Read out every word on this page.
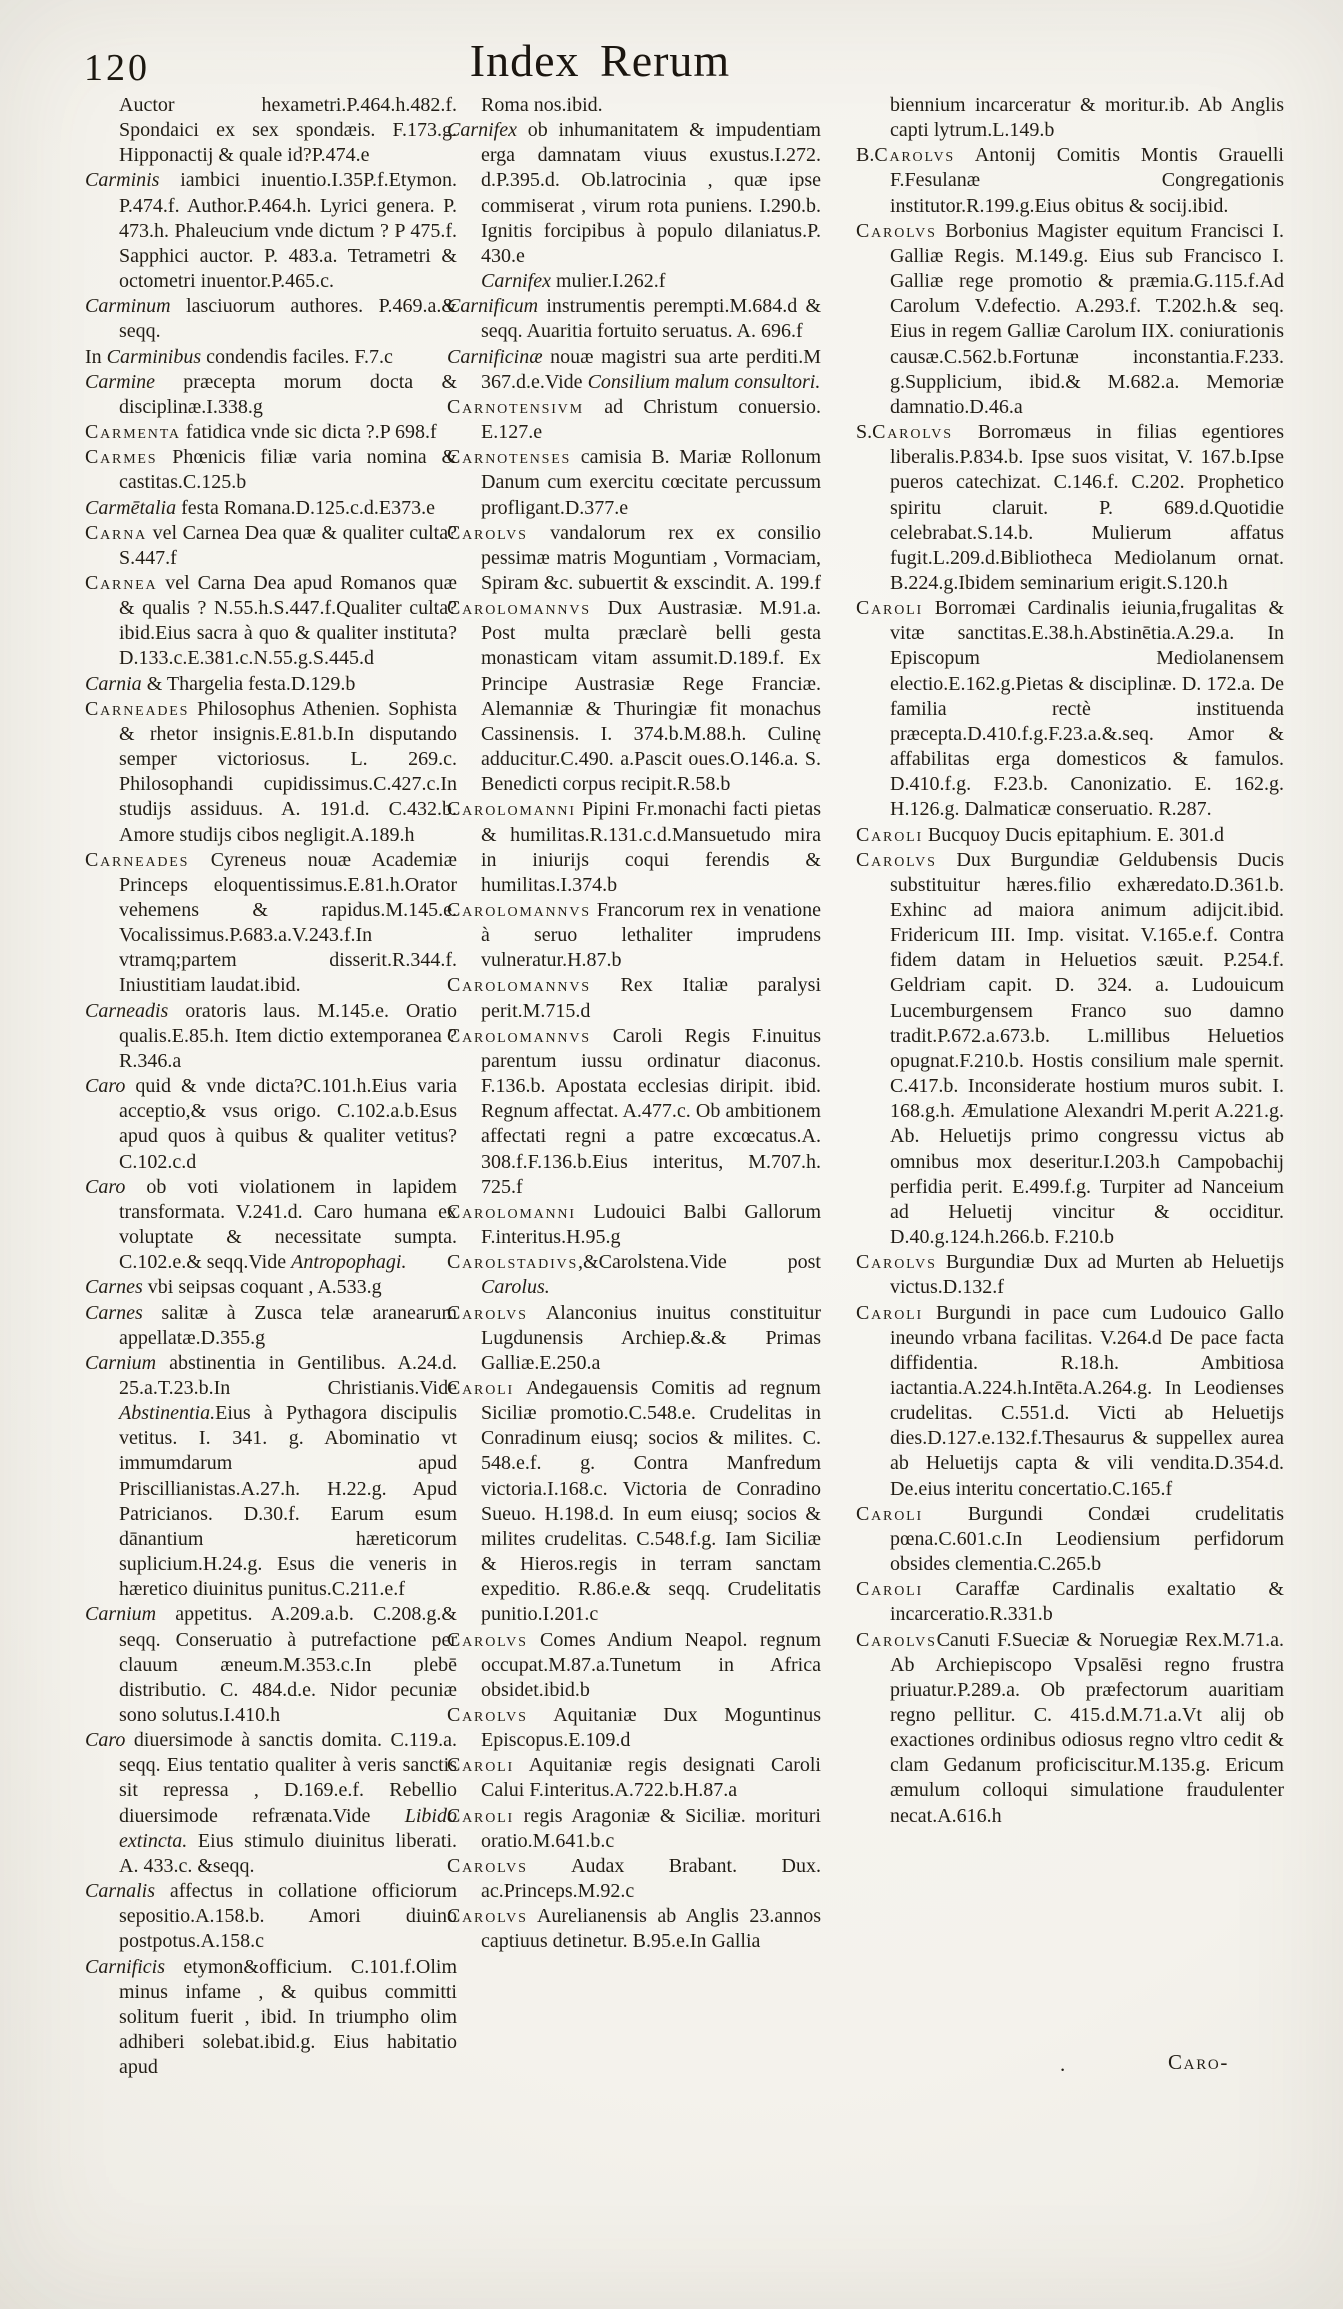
120	Index Rerum

Auctor hexametri.P.464.h.482.f. Spondaici ex sex spondæis. F.173.g. Hipponactij & quale id?P.474.e

Carminis iambici inuentio.I.35P.f.Etymon. P.474.f. Author.P.464.h. Lyrici genera. P. 473.h. Phaleucium vnde dictum ? P 475.f. Sapphici auctor. P. 483.a. Tetrametri & octometri inuentor.P.465.c.

Carminum lasciuorum authores. P.469.a.& seqq.

In Carminibus condendis faciles. F.7.c

Carmine præcepta morum docta & disciplinæ.I.338.g

Carmenta fatidica vnde sic dicta ?.P 698.f

Carmes Phœnicis filiæ varia nomina & castitas.C.125.b

Carmētalia festa Romana.D.125.c.d.E373.e

Carna vel Carnea Dea quæ & qualiter culta?S.447.f

Carnea vel Carna Dea apud Romanos quæ & qualis ? N.55.h.S.447.f.Qualiter culta?ibid.Eius sacra à quo & qualiter instituta?D.133.c.E.381.c.N.55.g.S.445.d

Carnia & Thargelia festa.D.129.b

Carneades Philosophus Athenien. Sophista & rhetor insignis.E.81.b.In disputando semper victoriosus. L. 269.c. Philosophandi cupidissimus.C.427.c.In studijs assiduus. A. 191.d. C.432.b. Amore studijs cibos negligit.A.189.h

Carneades Cyreneus nouæ Academiæ Princeps eloquentissimus.E.81.h.Orator vehemens & rapidus.M.145.e. Vocalissimus.P.683.a.V.243.f.In vtramq;partem disserit.R.344.f. Iniustitiam laudat.ibid.

Carneadis oratoris laus. M.145.e. Oratio qualis.E.85.h. Item dictio extemporanea ? R.346.a

Caro quid & vnde dicta?C.101.h.Eius varia acceptio,& vsus origo. C.102.a.b.Esus apud quos à quibus & qualiter vetitus? C.102.c.d

Caro ob voti violationem in lapidem transformata. V.241.d. Caro humana ex voluptate & necessitate sumpta. C.102.e.& seqq.Vide Antropophagi.

Carnes vbi seipsas coquant , A.533.g

Carnes salitæ à Zusca telæ aranearum appellatæ.D.355.g

Carnium abstinentia in Gentilibus. A.24.d. 25.a.T.23.b.In Christianis.Vide Abstinentia.Eius à Pythagora discipulis vetitus. I. 341. g. Abominatio vt immumdarum apud Priscillianistas.A.27.h. H.22.g. Apud Patricianos. D.30.f. Earum esum dānantium hæreticorum suplicium.H.24.g. Esus die veneris in hæretico diuinitus punitus.C.211.e.f

Carnium appetitus. A.209.a.b. C.208.g.& seqq. Conseruatio à putrefactione per clauum æneum.M.353.c.In plebē distributio. C. 484.d.e. Nidor pecuniæ sono solutus.I.410.h

Caro diuersimode à sanctis domita. C.119.a. seqq. Eius tentatio qualiter à veris sanctis sit repressa , D.169.e.f. Rebellio diuersimode refrænata.Vide Libido extincta. Eius stimulo diuinitus liberati. A. 433.c. &seqq.

Carnalis affectus in collatione officiorum sepositio.A.158.b. Amori diuino postpotus.A.158.c

Carnificis etymon&officium. C.101.f.Olim minus infame , & quibus committi solitum fuerit , ibid. In triumpho olim adhiberi solebat.ibid.g. Eius habitatio apud

Roma nos.ibid.

Carnifex ob inhumanitatem & impudentiam erga damnatam viuus exustus.I.272. d.P.395.d. Ob.latrocinia , quæ ipse commiserat , virum rota puniens. I.290.b. Ignitis forcipibus à populo dilaniatus.P. 430.e

Carnifex mulier.I.262.f

Carnificum instrumentis perempti.M.684.d & seqq. Auaritia fortuito seruatus. A. 696.f

Carnificinæ nouæ magistri sua arte perditi.M 367.d.e.Vide Consilium malum consultori.

Carnotensivm ad Christum conuersio. E.127.e

Carnotenses camisia B. Mariæ Rollonum Danum cum exercitu cœcitate percussum profligant.D.377.e

Carolvs vandalorum rex ex consilio pessimæ matris Moguntiam , Vormaciam, Spiram &c. subuertit & exscindit. A. 199.f

Carolomannvs Dux Austrasiæ. M.91.a. Post multa præclarè belli gesta monasticam vitam assumit.D.189.f. Ex Principe Austrasiæ Rege Franciæ. Alemanniæ & Thuringiæ fit monachus Cassinensis. I. 374.b.M.88.h. Culinę adducitur.C.490. a.Pascit oues.O.146.a. S. Benedicti corpus recipit.R.58.b

Carolomanni Pipini Fr.monachi facti pietas & humilitas.R.131.c.d.Mansuetudo mira in iniurijs coqui ferendis & humilitas.I.374.b

Carolomannvs Francorum rex in venatione à seruo lethaliter imprudens vulneratur.H.87.b

Carolomannvs Rex Italiæ paralysi perit.M.715.d

Carolomannvs Caroli Regis F.inuitus parentum iussu ordinatur diaconus. F.136.b. Apostata ecclesias diripit. ibid. Regnum affectat. A.477.c. Ob ambitionem affectati regni a patre excœcatus.A. 308.f.F.136.b.Eius interitus, M.707.h. 725.f

Carolomanni Ludouici Balbi Gallorum F.interitus.H.95.g

Carolstadivs,&Carolstena.Vide post Carolus.

Carolvs Alanconius inuitus constituitur Lugdunensis Archiep.&.& Primas Galliæ.E.250.a

Caroli Andegauensis Comitis ad regnum Siciliæ promotio.C.548.e. Crudelitas in Conradinum eiusq; socios & milites. C. 548.e.f. g. Contra Manfredum victoria.I.168.c. Victoria de Conradino Sueuo. H.198.d. In eum eiusq; socios & milites crudelitas. C.548.f.g. Iam Siciliæ & Hieros.regis in terram sanctam expeditio. R.86.e.& seqq. Crudelitatis punitio.I.201.c

Carolvs Comes Andium Neapol. regnum occupat.M.87.a.Tunetum in Africa obsidet.ibid.b

Carolvs Aquitaniæ Dux Moguntinus Episcopus.E.109.d

Caroli Aquitaniæ regis designati Caroli Calui F.interitus.A.722.b.H.87.a

Caroli regis Aragoniæ & Siciliæ. morituri oratio.M.641.b.c

Carolvs Audax Brabant. Dux. ac.Princeps.M.92.c

Carolvs Aurelianensis ab Anglis 23.annos captiuus detinetur. B.95.e.In Gallia

biennium incarceratur & moritur.ib. Ab Anglis capti lytrum.L.149.b

B.Carolvs Antonij Comitis Montis Grauelli F.Fesulanæ Congregationis institutor.R.199.g.Eius obitus & socij.ibid.

Carolvs Borbonius Magister equitum Francisci I. Galliæ Regis. M.149.g. Eius sub Francisco I. Galliæ rege promotio & præmia.G.115.f.Ad Carolum V.defectio. A.293.f. T.202.h.& seq. Eius in regem Galliæ Carolum IIX. coniurationis causæ.C.562.b.Fortunæ inconstantia.F.233. g.Supplicium, ibid.& M.682.a. Memoriæ damnatio.D.46.a

S.Carolvs Borromæus in filias egentiores liberalis.P.834.b. Ipse suos visitat, V. 167.b.Ipse pueros catechizat. C.146.f. C.202. Prophetico spiritu claruit. P. 689.d.Quotidie celebrabat.S.14.b. Mulierum affatus fugit.L.209.d.Bibliotheca Mediolanum ornat. B.224.g.Ibidem seminarium erigit.S.120.h

Caroli Borromæi Cardinalis ieiunia,frugalitas & vitæ sanctitas.E.38.h.Abstinētia.A.29.a. In Episcopum Mediolanensem electio.E.162.g.Pietas & disciplinæ. D. 172.a. De familia rectè instituenda præcepta.D.410.f.g.F.23.a.&.seq. Amor & affabilitas erga domesticos & famulos. D.410.f.g. F.23.b. Canonizatio. E. 162.g. H.126.g. Dalmaticæ conseruatio. R.287.

Caroli Bucquoy Ducis epitaphium. E. 301.d

Carolvs Dux Burgundiæ Geldubensis Ducis substituitur hæres.filio exhæredato.D.361.b. Exhinc ad maiora animum adijcit.ibid. Fridericum III. Imp. visitat. V.165.e.f. Contra fidem datam in Heluetios sæuit. P.254.f. Geldriam capit. D. 324. a. Ludouicum Lucemburgensem Franco suo damno tradit.P.672.a.673.b. L.millibus Heluetios opugnat.F.210.b. Hostis consilium male spernit. C.417.b. Inconsiderate hostium muros subit. I. 168.g.h. Æmulatione Alexandri M.perit A.221.g. Ab. Heluetijs primo congressu victus ab omnibus mox deseritur.I.203.h Campobachij perfidia perit. E.499.f.g. Turpiter ad Nanceium ad Heluetij vincitur & occiditur. D.40.g.124.h.266.b. F.210.b

Carolvs Burgundiæ Dux ad Murten ab Heluetijs victus.D.132.f

Caroli Burgundi in pace cum Ludouico Gallo ineundo vrbana facilitas. V.264.d De pace facta diffidentia. R.18.h. Ambitiosa iactantia.A.224.h.Intēta.A.264.g. In Leodienses crudelitas. C.551.d. Victi ab Heluetijs dies.D.127.e.132.f.Thesaurus & suppellex aurea ab Heluetijs capta & vili vendita.D.354.d. De.eius interitu concertatio.C.165.f

Caroli Burgundi Condæi crudelitatis pœna.C.601.c.In Leodiensium perfidorum obsides clementia.C.265.b

Caroli Caraffæ Cardinalis exaltatio & incarceratio.R.331.b

CarolvsCanuti F.Sueciæ & Noruegiæ Rex.M.71.a. Ab Archiepiscopo Vpsalēsi regno frustra priuatur.P.289.a. Ob præfectorum auaritiam regno pellitur. C. 415.d.M.71.a.Vt alij ob exactiones ordinibus odiosus regno vltro cedit & clam Gedanum proficiscitur.M.135.g. Ericum æmulum colloqui simulatione fraudulenter necat.A.616.h

.	Caro-
